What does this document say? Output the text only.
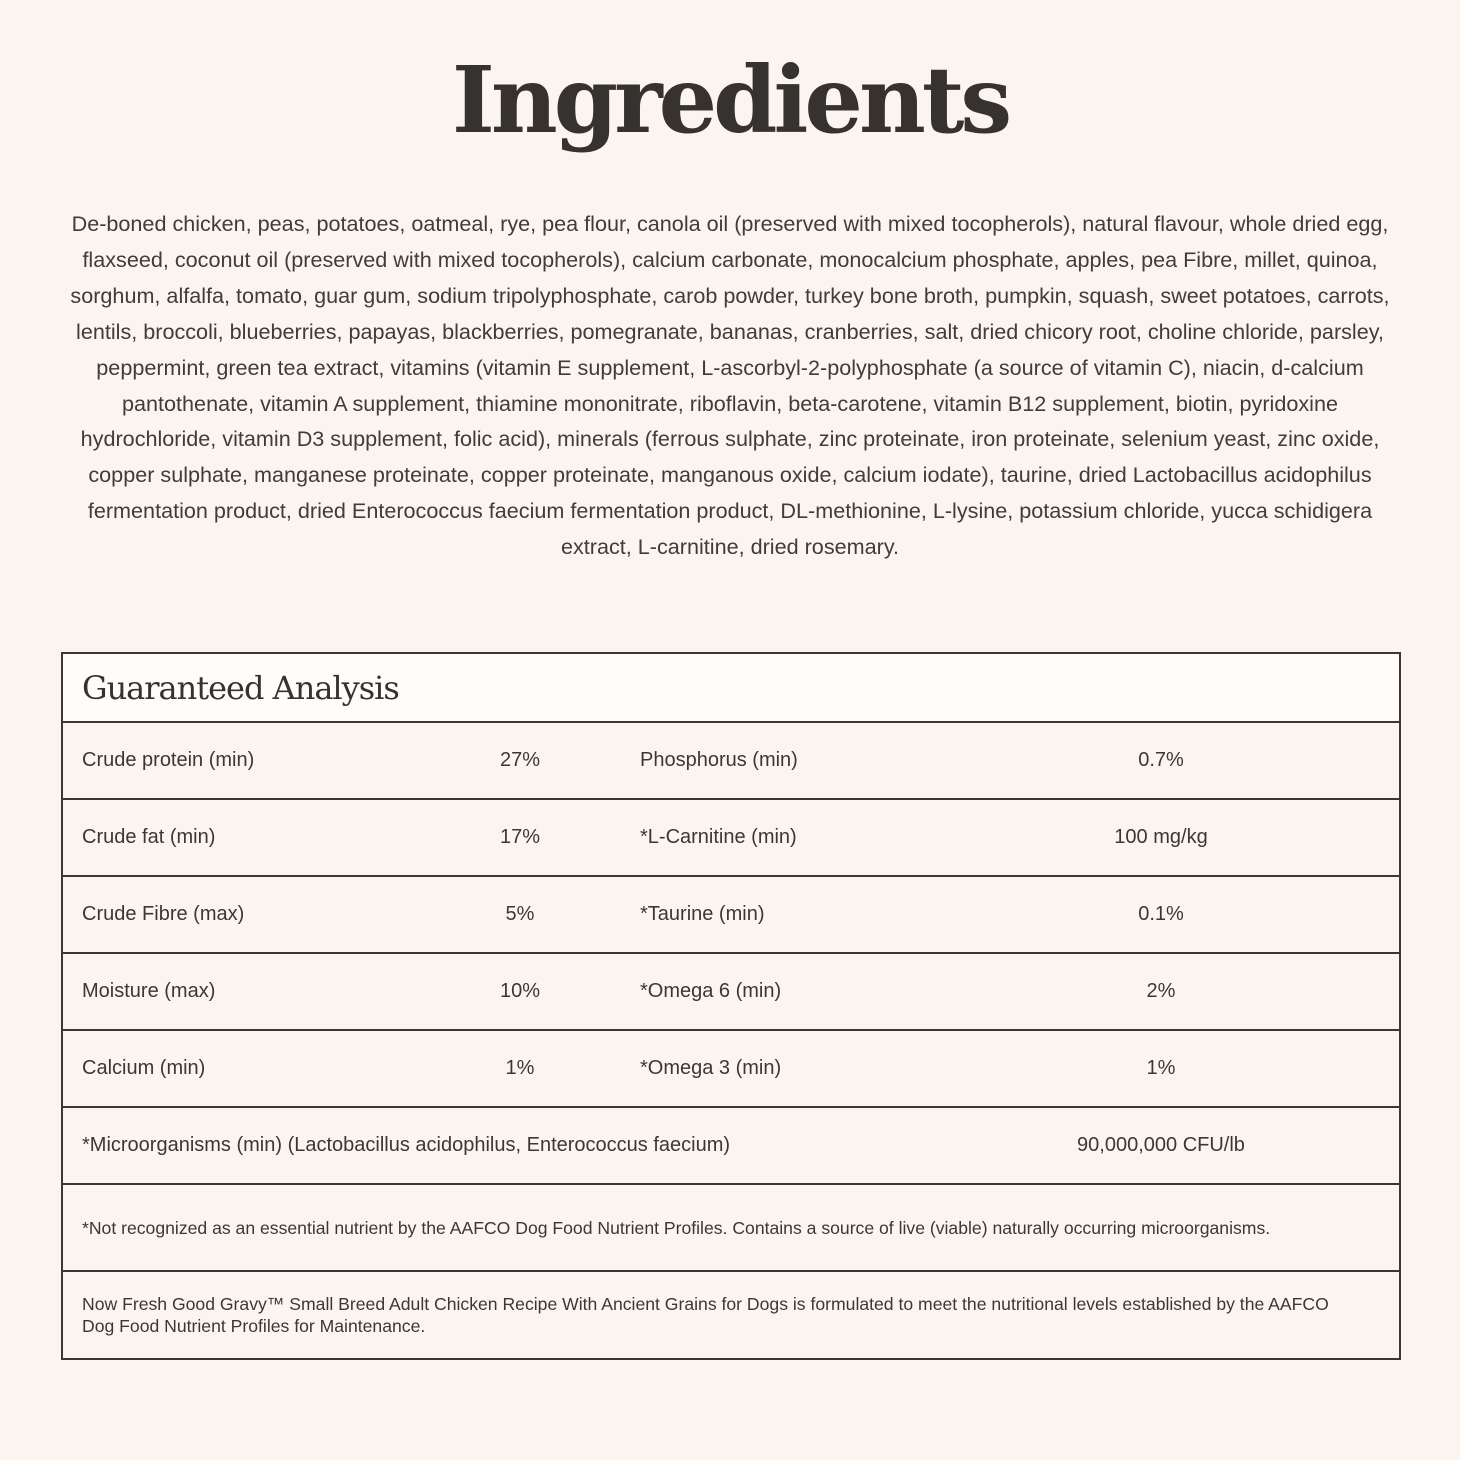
Ingredients

De-boned chicken, peas, potatoes, oatmeal, rye, pea flour, canola oil (preserved with mixed tocopherols), natural flavour, whole dried egg, flaxseed, coconut oil (preserved with mixed tocopherols), calcium carbonate, monocalcium phosphate, apples, pea Fibre, millet, quinoa, sorghum, alfalfa, tomato, guar gum, sodium tripolyphosphate, carob powder, turkey bone broth, pumpkin, squash, sweet potatoes, carrots, lentils, broccoli, blueberries, papayas, blackberries, pomegranate, bananas, cranberries, salt, dried chicory root, choline chloride, parsley, peppermint, green tea extract, vitamins (vitamin E supplement, L-ascorbyl-2-polyphosphate (a source of vitamin C), niacin, d-calcium pantothenate, vitamin A supplement, thiamine mononitrate, riboflavin, beta-carotene, vitamin B12 supplement, biotin, pyridoxine hydrochloride, vitamin D3 supplement, folic acid), minerals (ferrous sulphate, zinc proteinate, iron proteinate, selenium yeast, zinc oxide, copper sulphate, manganese proteinate, copper proteinate, manganous oxide, calcium iodate), taurine, dried Lactobacillus acidophilus fermentation product, dried Enterococcus faecium fermentation product, DL-methionine, L-lysine, potassium chloride, yucca schidigera extract, L-carnitine, dried rosemary.

Guaranteed Analysis
Crude protein (min)	27%	Phosphorus (min)	0.7%
Crude fat (min)	17%	*L-Carnitine (min)	100 mg/kg
Crude Fibre (max)	5%	*Taurine (min)	0.1%
Moisture (max)	10%	*Omega 6 (min)	2%
Calcium (min)	1%	*Omega 3 (min)	1%
*Microorganisms (min) (Lactobacillus acidophilus, Enterococcus faecium)	90,000,000 CFU/lb
*Not recognized as an essential nutrient by the AAFCO Dog Food Nutrient Profiles. Contains a source of live (viable) naturally occurring microorganisms.
Now Fresh Good Gravy™ Small Breed Adult Chicken Recipe With Ancient Grains for Dogs is formulated to meet the nutritional levels established by the AAFCO Dog Food Nutrient Profiles for Maintenance.
